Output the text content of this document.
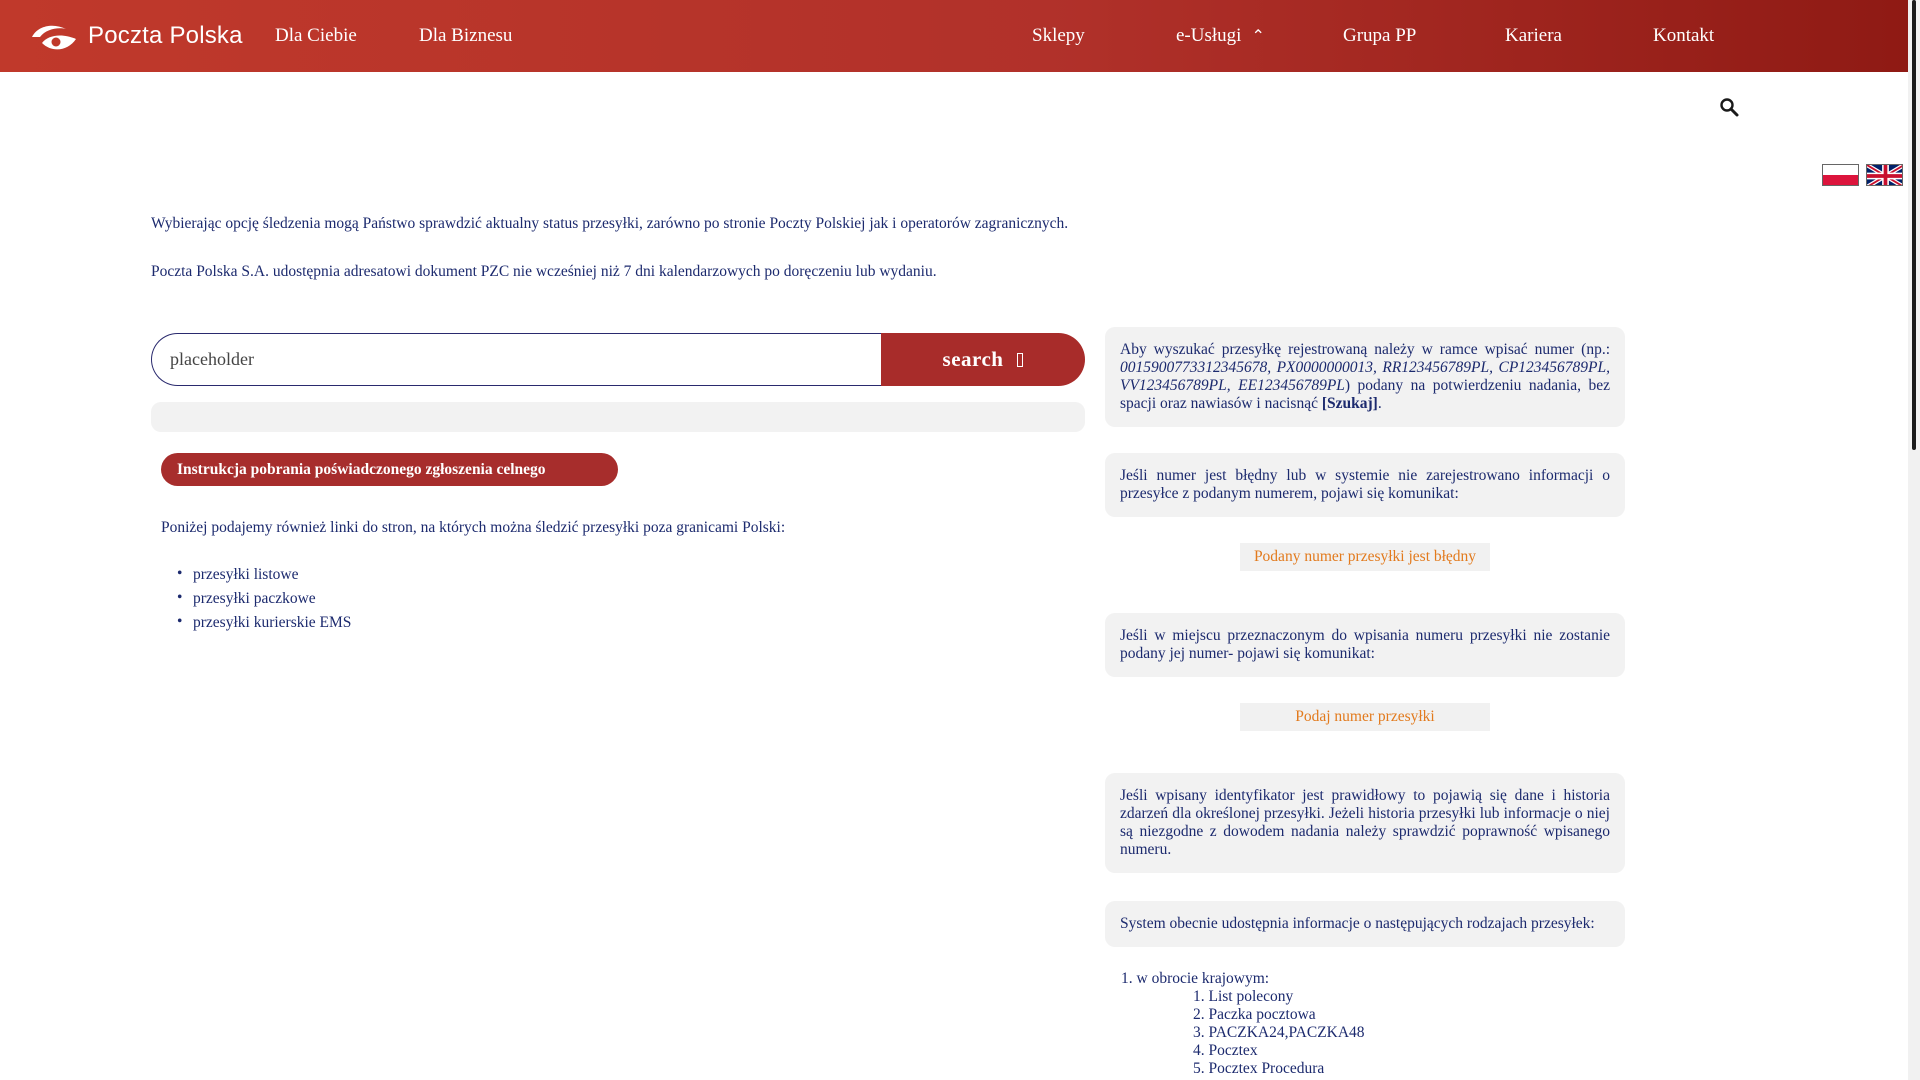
Poczta Polska Dla Ciebie	Dla Biznesu	Sklepy	e-Usługi ⌃	Grupa PP	Kariera	Kontakt
Wybierając opcję śledzenia mogą Państwo sprawdzić aktualny status przesyłki, zarówno po stronie Poczty Polskiej jak i operatorów zagranicznych.
Poczta Polska S.A. udostępnia adresatowi dokument PZC nie wcześniej niż 7 dni kalendarzowych po doręczeniu lub wydaniu.
placeholder
search
Instrukcja pobrania poświadczonego zgłoszenia celnego
Poniżej podajemy również linki do stron, na których można śledzić przesyłki poza granicami Polski:
• przesyłki listowe
• przesyłki paczkowe
• przesyłki kurierskie EMS
Aby wyszukać przesyłkę rejestrowaną należy w ramce wpisać numer (np.: 00159007733123456​78, PX0000000013, RR123456789PL, CP123456789PL, VV123456789PL, EE123456789PL) podany na potwierdzeniu nadania, bez spacji oraz nawiasów i nacisnąć [Szukaj].
Jeśli numer jest błędny lub w systemie nie zarejestrowano informacji o przesyłce z podanym numerem, pojawi się komunikat:
Podany numer przesyłki jest błędny
Jeśli w miejscu przeznaczonym do wpisania numeru przesyłki nie zostanie podany jej numer- pojawi się komunikat:
Podaj numer przesyłki
Jeśli wpisany identyfikator jest prawidłowy to pojawią się dane i historia zdarzeń dla określonej przesyłki. Jeżeli historia przesyłki lub informacje o niej są niezgodne z dowodem nadania należy sprawdzić poprawność wpisanego numeru.
System obecnie udostępnia informacje o następujących rodzajach przesyłek:
1. w obrocie krajowym:
1. List polecony
2. Paczka pocztowa
3. PACZKA24,PACZKA48
4. Pocztex
5. Pocztex Procedura
